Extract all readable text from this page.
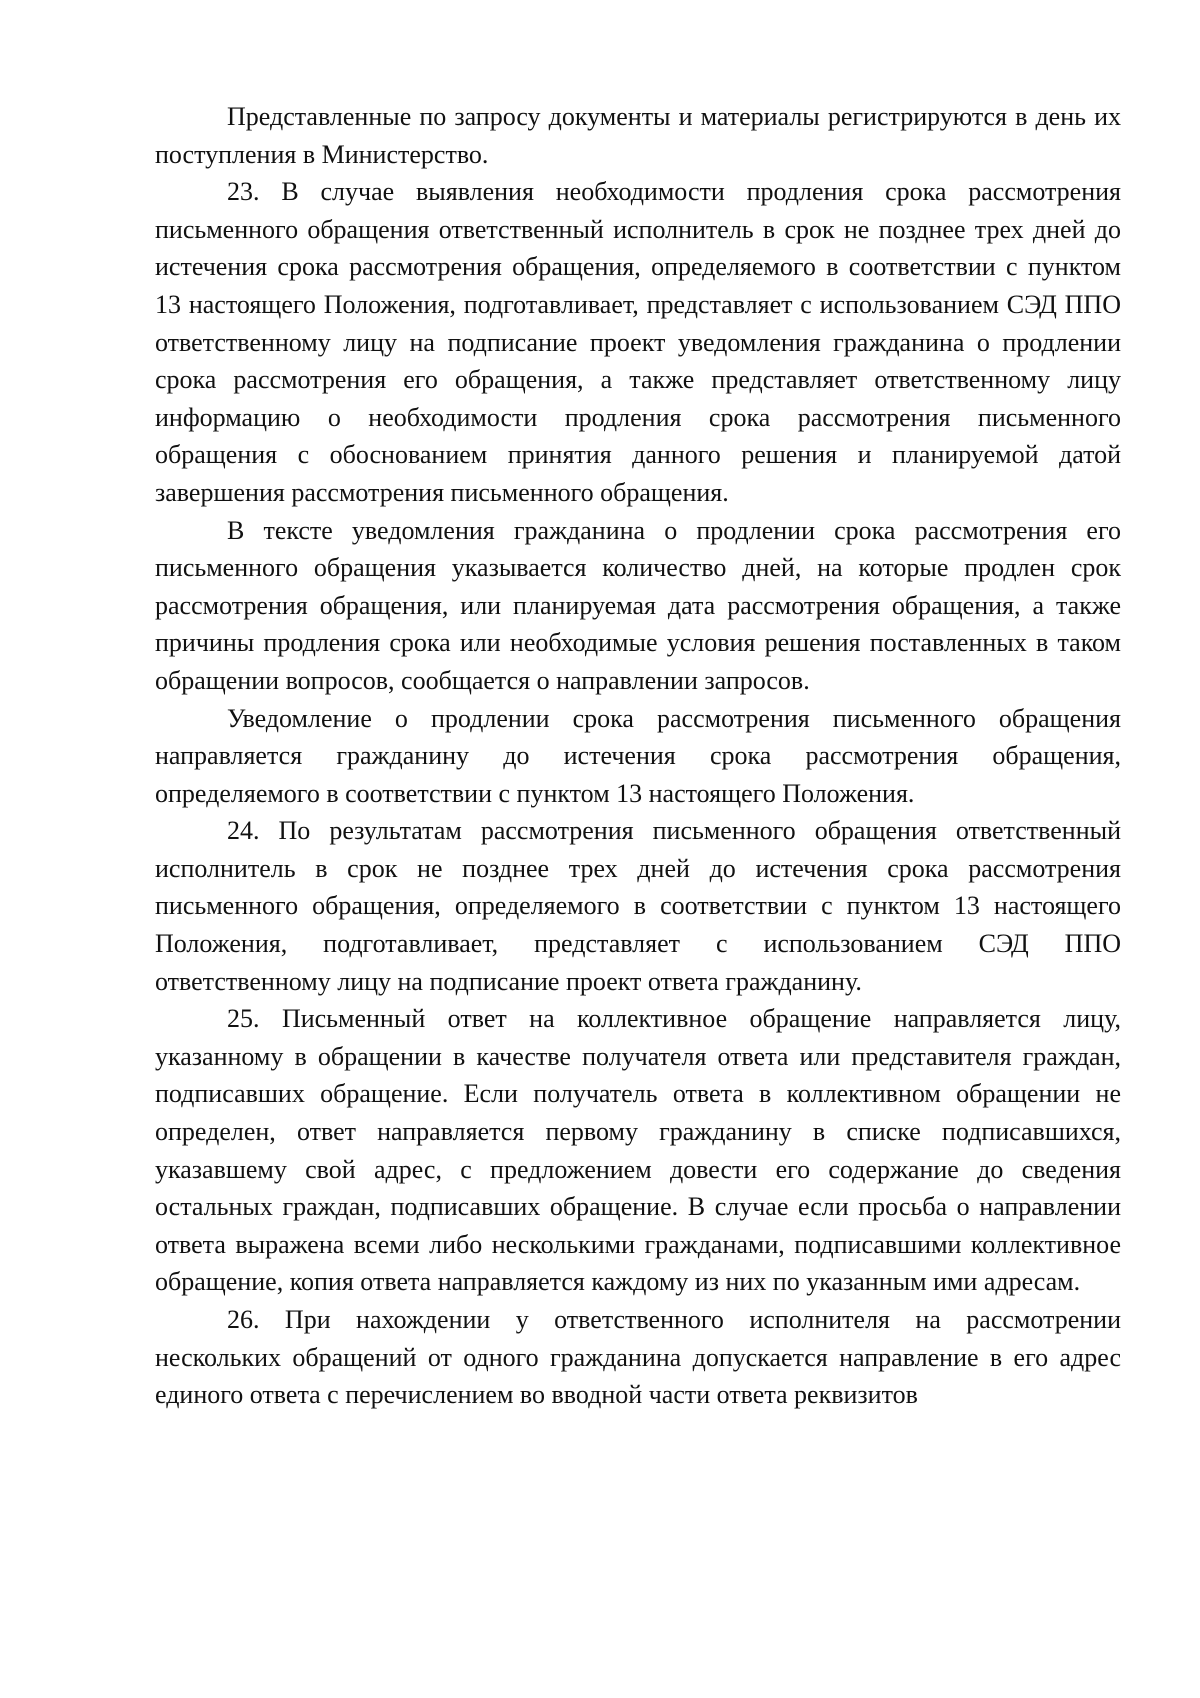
Представленные по запросу документы и материалы регистрируются в день их поступления в Министерство.

23. В случае выявления необходимости продления срока рассмотрения письменного обращения ответственный исполнитель в срок не позднее трех дней до истечения срока рассмотрения обращения, определяемого в соответствии с пунктом 13 настоящего Положения, подготавливает, представляет с использованием СЭД ППО ответственному лицу на подписание проект уведомления гражданина о продлении срока рассмотрения его обращения, а также представляет ответственному лицу информацию о необходимости продления срока рассмотрения письменного обращения с обоснованием принятия данного решения и планируемой датой завершения рассмотрения письменного обращения.

В тексте уведомления гражданина о продлении срока рассмотрения его письменного обращения указывается количество дней, на которые продлен срок рассмотрения обращения, или планируемая дата рассмотрения обращения, а также причины продления срока или необходимые условия решения поставленных в таком обращении вопросов, сообщается о направлении запросов.

Уведомление о продлении срока рассмотрения письменного обращения направляется гражданину до истечения срока рассмотрения обращения, определяемого в соответствии с пунктом 13 настоящего Положения.

24. По результатам рассмотрения письменного обращения ответственный исполнитель в срок не позднее трех дней до истечения срока рассмотрения письменного обращения, определяемого в соответствии с пунктом 13 настоящего Положения, подготавливает, представляет с использованием СЭД ППО ответственному лицу на подписание проект ответа гражданину.

25. Письменный ответ на коллективное обращение направляется лицу, указанному в обращении в качестве получателя ответа или представителя граждан, подписавших обращение. Если получатель ответа в коллективном обращении не определен, ответ направляется первому гражданину в списке подписавшихся, указавшему свой адрес, с предложением довести его содержание до сведения остальных граждан, подписавших обращение. В случае если просьба о направлении ответа выражена всеми либо несколькими гражданами, подписавшими коллективное обращение, копия ответа направляется каждому из них по указанным ими адресам.

26. При нахождении у ответственного исполнителя на рассмотрении нескольких обращений от одного гражданина допускается направление в его адрес единого ответа с перечислением во вводной части ответа реквизитов
